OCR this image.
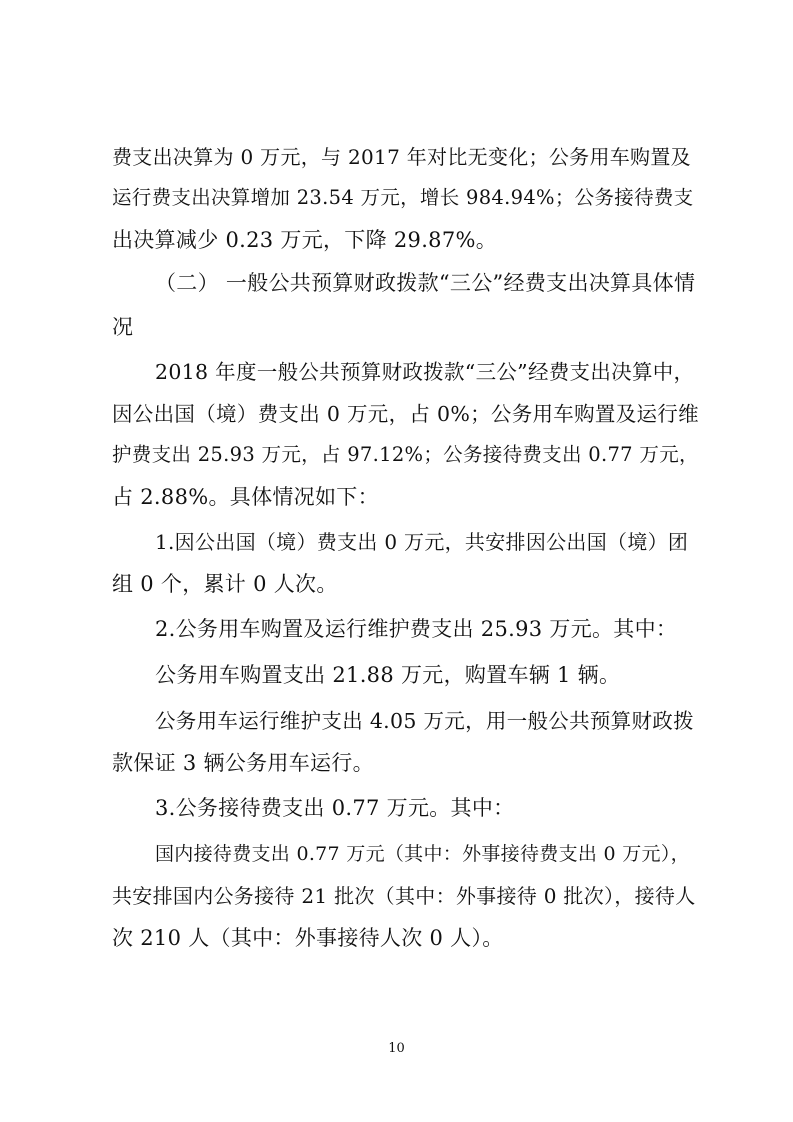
费支出决算为 0 万元，与 2017 年对比无变化；公务用车购置及

运行费支出决算增加 23.54 万元，增长 984.94%；公务接待费支

出决算减少 0.23 万元，下降 29.87%。

（二） 一般公共预算财政拨款“三公”经费支出决算具体情

况

2018 年度一般公共预算财政拨款“三公”经费支出决算中，

因公出国（境）费支出 0 万元，占 0%；公务用车购置及运行维

护费支出 25.93 万元，占 97.12%；公务接待费支出 0.77 万元，

占 2.88%。具体情况如下：

1.因公出国（境）费支出 0 万元，共安排因公出国（境）团

组 0 个，累计 0 人次。

2.公务用车购置及运行维护费支出 25.93 万元。其中：

公务用车购置支出 21.88 万元，购置车辆 1 辆。

公务用车运行维护支出 4.05 万元，用一般公共预算财政拨

款保证 3 辆公务用车运行。

3.公务接待费支出 0.77 万元。其中：

国内接待费支出 0.77 万元（其中：外事接待费支出 0 万元），

共安排国内公务接待 21 批次（其中：外事接待 0 批次），接待人

次 210 人（其中：外事接待人次 0 人）。

10
